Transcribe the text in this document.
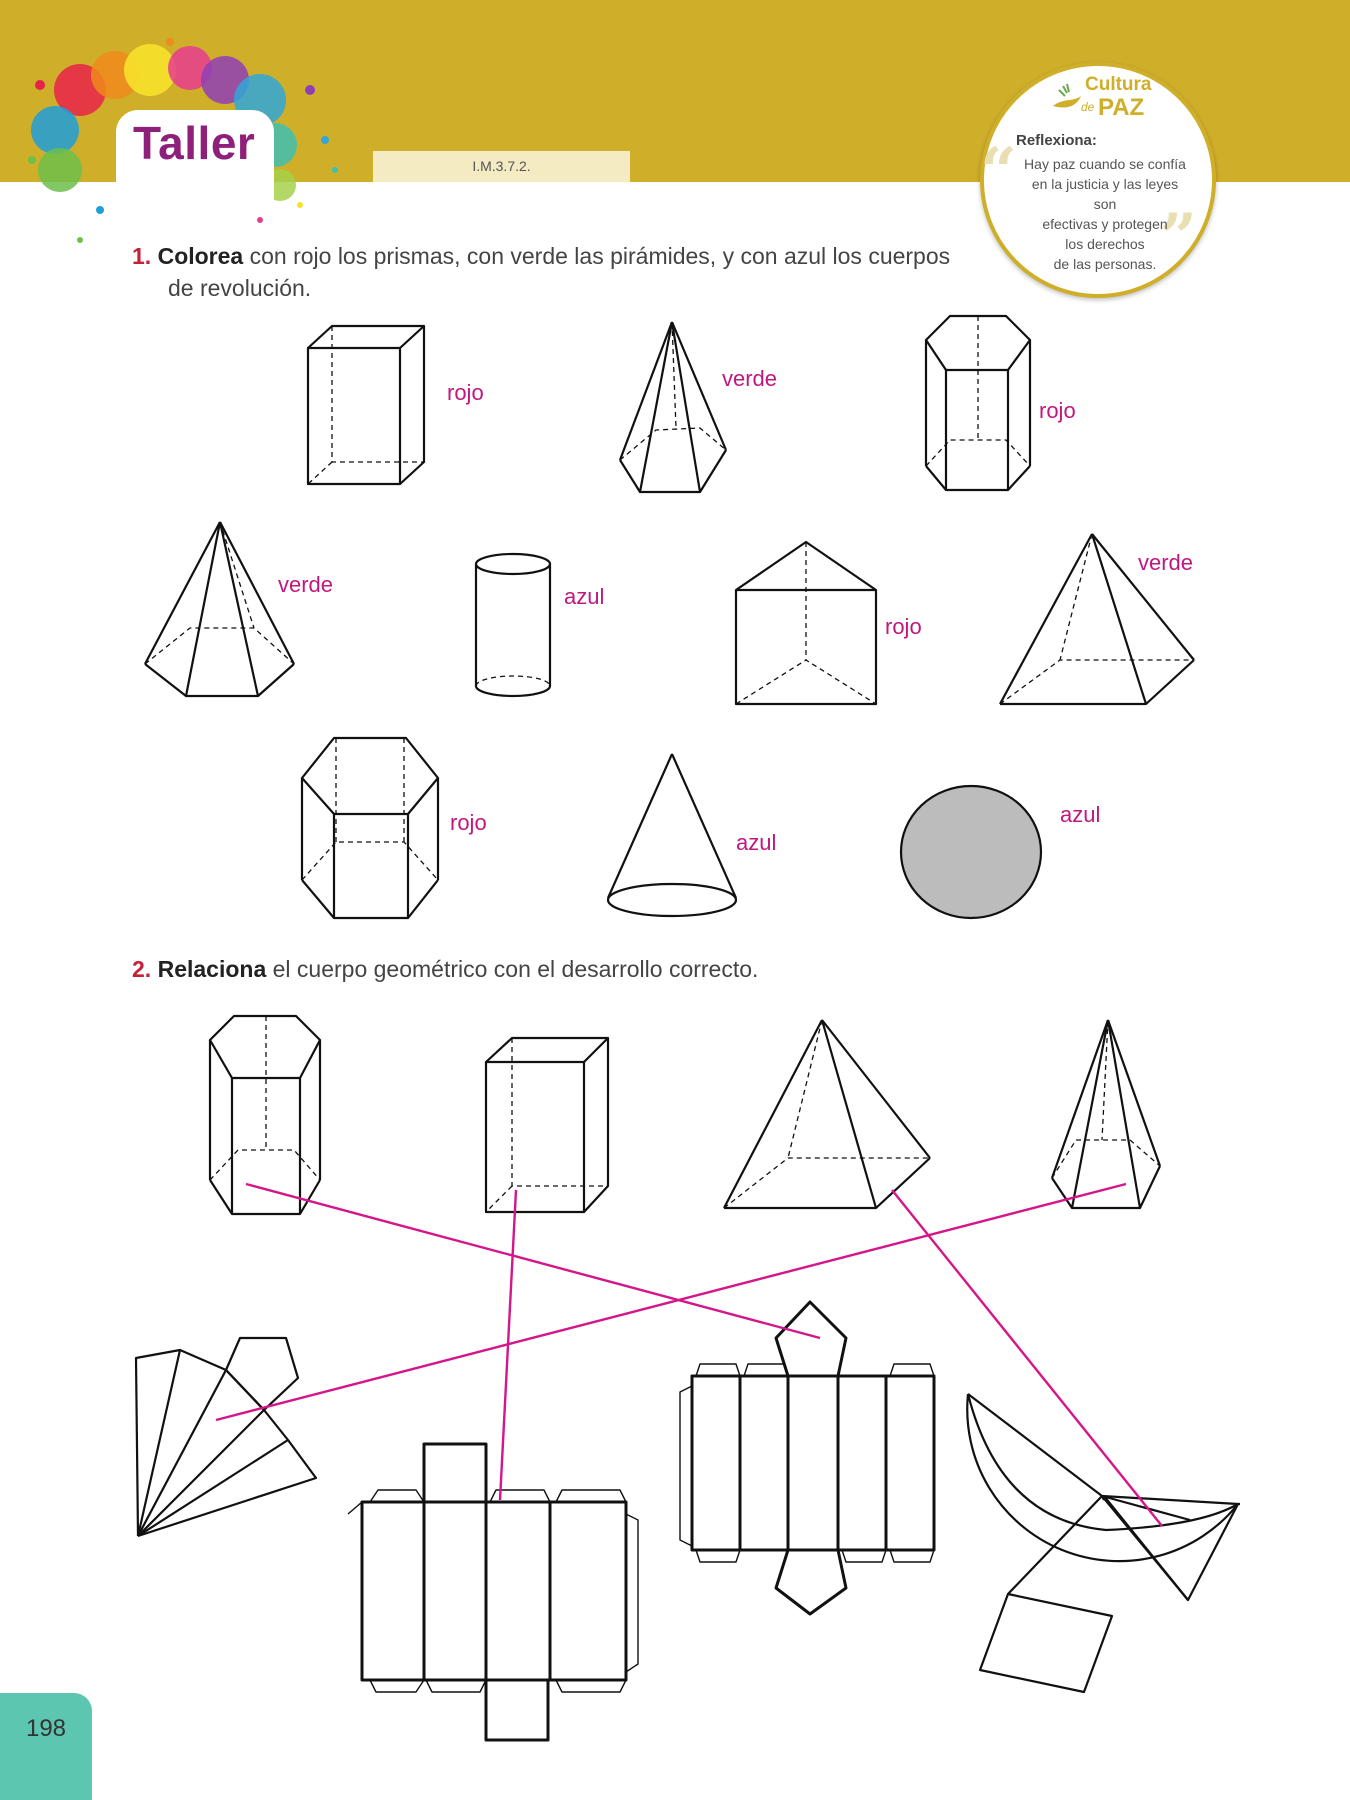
Taller	I.M.3.7.2.
Cultura
de PAZ
“
”
Reflexiona:
Hay paz cuando se confía
en la justicia y las leyes son
efectivas y protegen
los derechos
de las personas.
1. Colorea con rojo los prismas, con verde las pirámides, y con azul los cuerpos
de revolución.
2. Relaciona el cuerpo geométrico con el desarrollo correcto.
rojo
verde
rojo
verde	azul
rojo
verde
rojo
azul
azul
198
